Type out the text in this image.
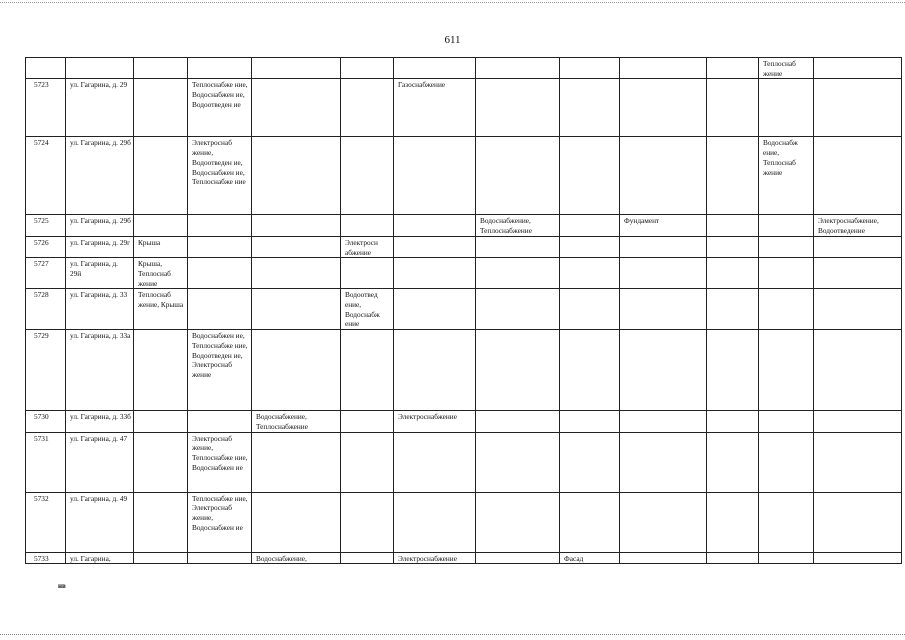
611
											Теплоснаб жение	
5723	ул. Гагарина, д. 29		Теплоснабже ние, Водоснабжен ие, Водоотведен ие			Газоснабжение						
5724	ул. Гагарина, д. 29б		Электроснаб жение, Водоотведен ие, Водоснабжен ие, Теплоснабже ние								Водоснабж ение, Теплоснаб жение	
5725	ул. Гагарина, д. 29б						Водоснабжение, Теплоснабжение		Фундамент			Электроснабжение, Водоотведение
5726	ул. Гагарина, д. 29г	Крыша			Электросн абжение							
5727	ул. Гагарина, д. 29й	Крыша, Теплоснаб жение										
5728	ул. Гагарина, д. 33	Теплоснаб жение, Крыша			Водоотвед ение, Водоснабж ение							
5729	ул. Гагарина, д. 33а		Водоснабжен ие, Теплоснабже ние, Водоотведен ие, Электроснаб жение									
5730	ул. Гагарина, д. 33б			Водоснабжение, Теплоснабжение		Электроснабжение						
5731	ул. Гагарина, д. 47		Электроснаб жение, Теплоснабже ние, Водоснабжен ие									
5732	ул. Гагарина, д. 49		Теплоснабже ние, Электроснаб жение, Водоснабжен ие									
5733	ул. Гагарина,			Водоснабжение,		Электроснабжение		Фасад				
нв
